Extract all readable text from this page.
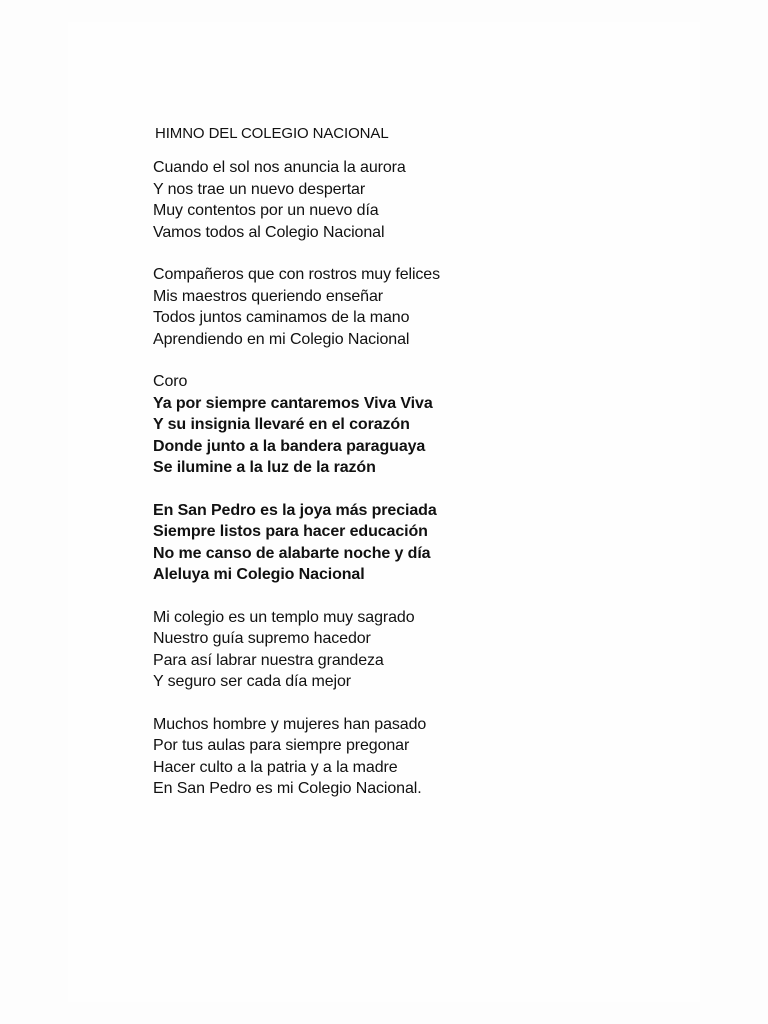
HIMNO DEL COLEGIO NACIONAL
Cuando el sol nos anuncia la aurora
Y nos trae un nuevo despertar
Muy contentos por un nuevo día
Vamos todos al Colegio Nacional
Compañeros que con rostros muy felices
Mis maestros queriendo enseñar
Todos juntos caminamos de la mano
Aprendiendo en mi Colegio Nacional
Coro
Ya por siempre cantaremos Viva Viva
Y su insignia llevaré en el corazón
Donde junto a la bandera paraguaya
Se ilumine a la luz de la razón
En San Pedro es la joya más preciada
Siempre listos para hacer educación
No me canso de alabarte noche y día
Aleluya mi Colegio Nacional
Mi colegio es un templo muy sagrado
Nuestro guía supremo hacedor
Para así labrar nuestra grandeza
Y seguro ser cada día mejor
Muchos hombre y mujeres han pasado
Por tus aulas para siempre pregonar
Hacer culto a la patria y a la madre
En San Pedro es mi Colegio Nacional.
